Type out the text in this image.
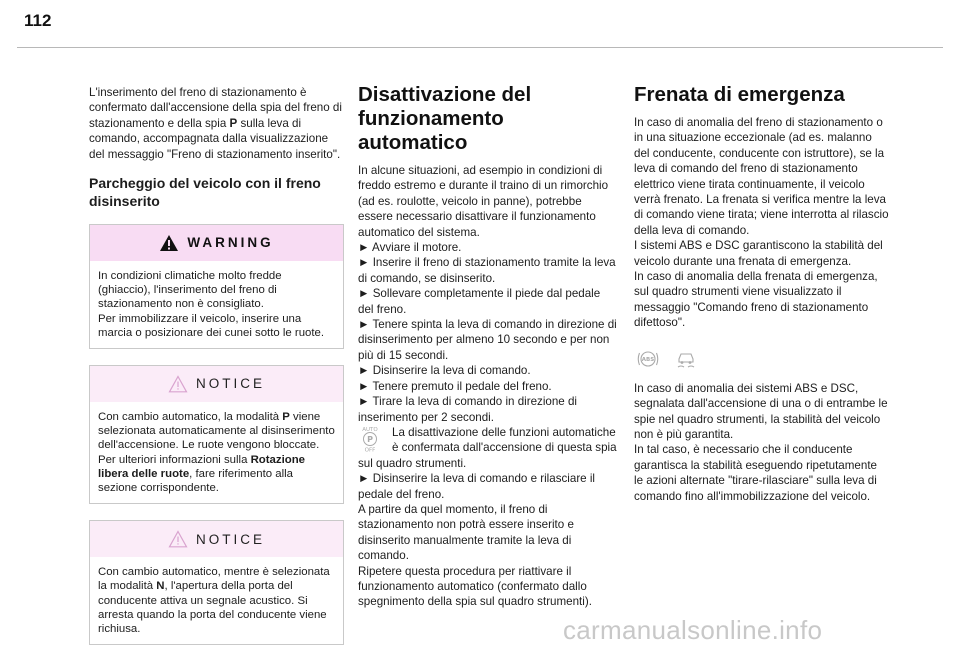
112

L'inserimento del freno di stazionamento è confermato dall'accensione della spia del freno di stazionamento e della spia P sulla leva di comando, accompagnata dalla visualizzazione del messaggio "Freno di stazionamento inserito".

Parcheggio del veicolo con il freno disinserito
WARNING

In condizioni climatiche molto fredde (ghiaccio), l'inserimento del freno di stazionamento non è consigliato.

Per immobilizzare il veicolo, inserire una marcia o posizionare dei cunei sotto le ruote.

NOTICE

Con cambio automatico, la modalità P viene selezionata automaticamente al disinserimento dell'accensione. Le ruote vengono bloccate.

Per ulteriori informazioni sulla Rotazione libera delle ruote, fare riferimento alla sezione corrispondente.

NOTICE

Con cambio automatico, mentre è selezionata la modalità N, l'apertura della porta del conducente attiva un segnale acustico. Si arresta quando la porta del conducente viene richiusa.

Disattivazione del funzionamento automatico

In alcune situazioni, ad esempio in condizioni di freddo estremo e durante il traino di un rimorchio (ad es. roulotte, veicolo in panne), potrebbe essere necessario disattivare il funzionamento automatico del sistema.

► Avviare il motore.
► Inserire il freno di stazionamento tramite la leva di comando, se disinserito.
► Sollevare completamente il piede dal pedale del freno.
► Tenere spinta la leva di comando in direzione di disinserimento per almeno 10 secondo e per non più di 15 secondi.
► Disinserire la leva di comando.
► Tenere premuto il pedale del freno.
► Tirare la leva di comando in direzione di inserimento per 2 secondi.
AUTO
P
OFF

La disattivazione delle funzioni automatiche è confermata dall'accensione di questa spia sul quadro strumenti.

► Disinserire la leva di comando e rilasciare il pedale del freno.

A partire da quel momento, il freno di stazionamento non potrà essere inserito e disinserito manualmente tramite la leva di comando.

Ripetere questa procedura per riattivare il funzionamento automatico (confermato dallo spegnimento della spia sul quadro strumenti).

Frenata di emergenza

In caso di anomalia del freno di stazionamento o in una situazione eccezionale (ad es. malanno del conducente, conducente con istruttore), se la leva di comando del freno di stazionamento elettrico viene tirata continuamente, il veicolo verrà frenato. La frenata si verifica mentre la leva di comando viene tirata; viene interrotta al rilascio della leva di comando.

I sistemi ABS e DSC garantiscono la stabilità del veicolo durante una frenata di emergenza.

In caso di anomalia della frenata di emergenza, sul quadro strumenti viene visualizzato il messaggio "Comando freno di stazionamento difettoso".

ABS

In caso di anomalia dei sistemi ABS e DSC, segnalata dall'accensione di una o di entrambe le spie nel quadro strumenti, la stabilità del veicolo non è più garantita.

In tal caso, è necessario che il conducente garantisca la stabilità eseguendo ripetutamente le azioni alternate "tirare-rilasciare" sulla leva di comando fino all'immobilizzazione del veicolo.

carmanualsonline.info
